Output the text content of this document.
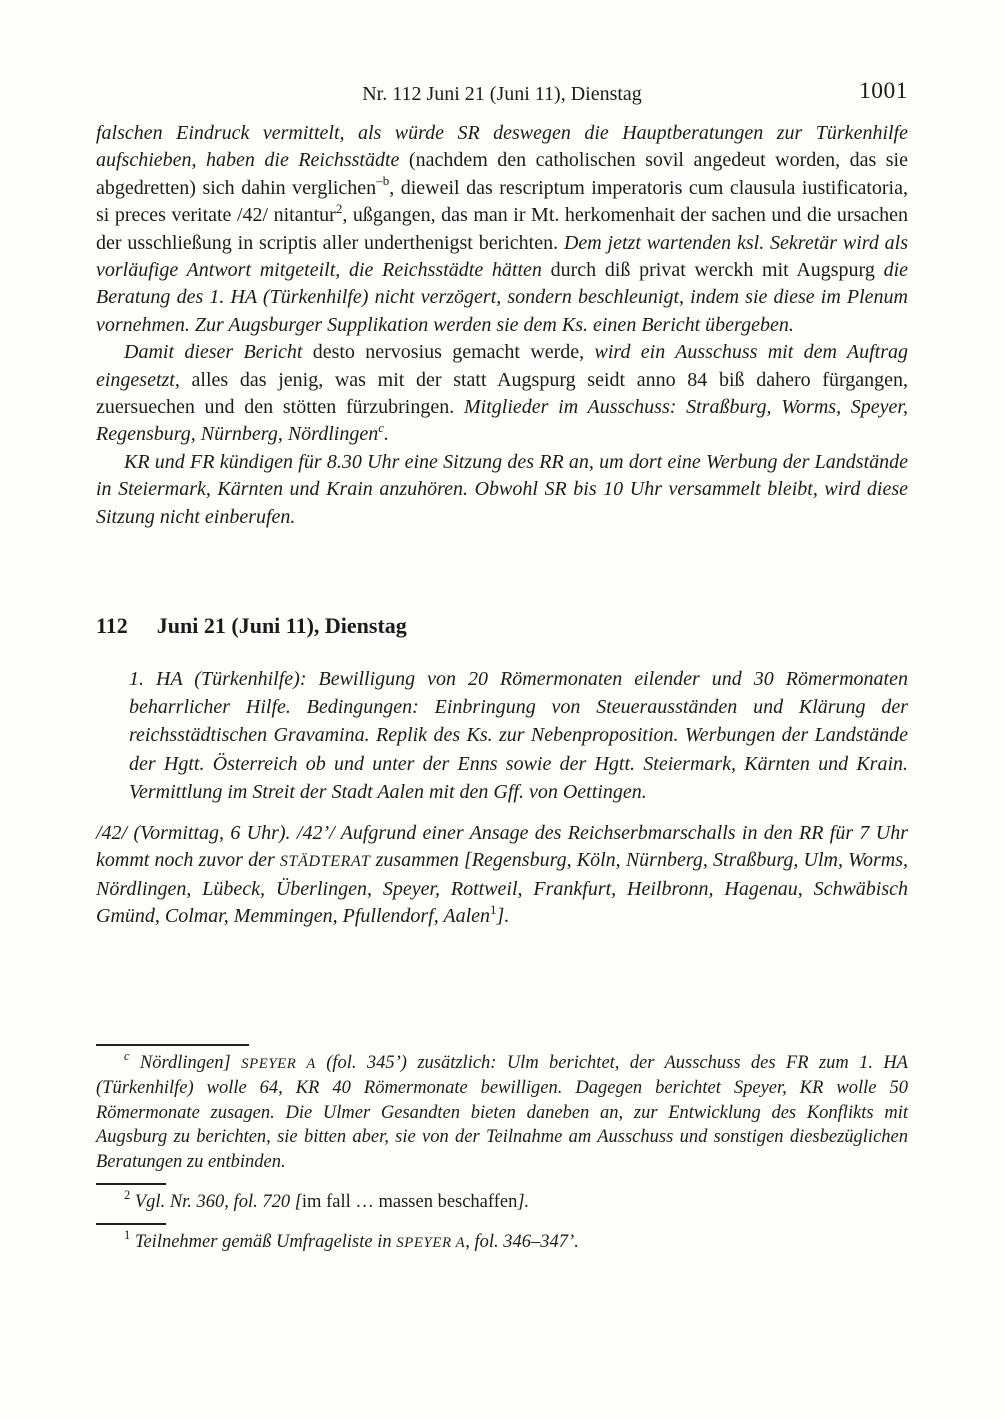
Nr. 112 Juni 21 (Juni 11), Dienstag	1001

falschen Eindruck vermittelt, als würde SR deswegen die Hauptberatungen zur Türkenhilfe aufschieben, haben die Reichsstädte (nachdem den catholischen sovil angedeut worden, das sie abgedretten) sich dahin verglichen$^{-b}$, dieweil das rescriptum imperatoris cum clausula iustificatoria, si preces veritate /42/ nitantur$^2$, ußgangen, das man ir Mt. herkomenhait der sachen und die ursachen der usschließung in scriptis aller underthenigst berichten. Dem jetzt wartenden ksl. Sekretär wird als vorläufige Antwort mitgeteilt, die Reichsstädte hätten durch diß privat werckh mit Augspurg die Beratung des 1. HA (Türkenhilfe) nicht verzögert, sondern beschleunigt, indem sie diese im Plenum vornehmen. Zur Augsburger Supplikation werden sie dem Ks. einen Bericht übergeben.

Damit dieser Bericht desto nervosius gemacht werde, wird ein Ausschuss mit dem Auftrag eingesetzt, alles das jenig, was mit der statt Augspurg seidt anno 84 biß dahero fürgangen, zuersuechen und den stötten fürzubringen. Mitglieder im Ausschuss: Straßburg, Worms, Speyer, Regensburg, Nürnberg, Nördlingen$^c$.

KR und FR kündigen für 8.30 Uhr eine Sitzung des RR an, um dort eine Werbung der Landstände in Steiermark, Kärnten und Krain anzuhören. Obwohl SR bis 10 Uhr versammelt bleibt, wird diese Sitzung nicht einberufen.

112 Juni 21 (Juni 11), Dienstag

1. HA (Türkenhilfe): Bewilligung von 20 Römermonaten eilender und 30 Römermonaten beharrlicher Hilfe. Bedingungen: Einbringung von Steuerausständen und Klärung der reichsstädtischen Gravamina. Replik des Ks. zur Nebenproposition. Werbungen der Landstände der Hgtt. Österreich ob und unter der Enns sowie der Hgtt. Steiermark, Kärnten und Krain. Vermittlung im Streit der Stadt Aalen mit den Gff. von Oettingen.

/42/ (Vormittag, 6 Uhr). /42’/ Aufgrund einer Ansage des Reichserbmarschalls in den RR für 7 Uhr kommt noch zuvor der STÄDTERAT zusammen [Regensburg, Köln, Nürnberg, Straßburg, Ulm, Worms, Nördlingen, Lübeck, Überlingen, Speyer, Rottweil, Frankfurt, Heilbronn, Hagenau, Schwäbisch Gmünd, Colmar, Memmingen, Pfullendorf, Aalen$^1$].

$^c$ Nördlingen] SPEYER A (fol. 345’) zusätzlich: Ulm berichtet, der Ausschuss des FR zum 1. HA (Türkenhilfe) wolle 64, KR 40 Römermonate bewilligen. Dagegen berichtet Speyer, KR wolle 50 Römermonate zusagen. Die Ulmer Gesandten bieten daneben an, zur Entwicklung des Konflikts mit Augsburg zu berichten, sie bitten aber, sie von der Teilnahme am Ausschuss und sonstigen diesbezüglichen Beratungen zu entbinden.

$^2$ Vgl. Nr. 360, fol. 720 [im fall … massen beschaffen].

$^1$ Teilnehmer gemäß Umfrageliste in SPEYER A, fol. 346–347’.
